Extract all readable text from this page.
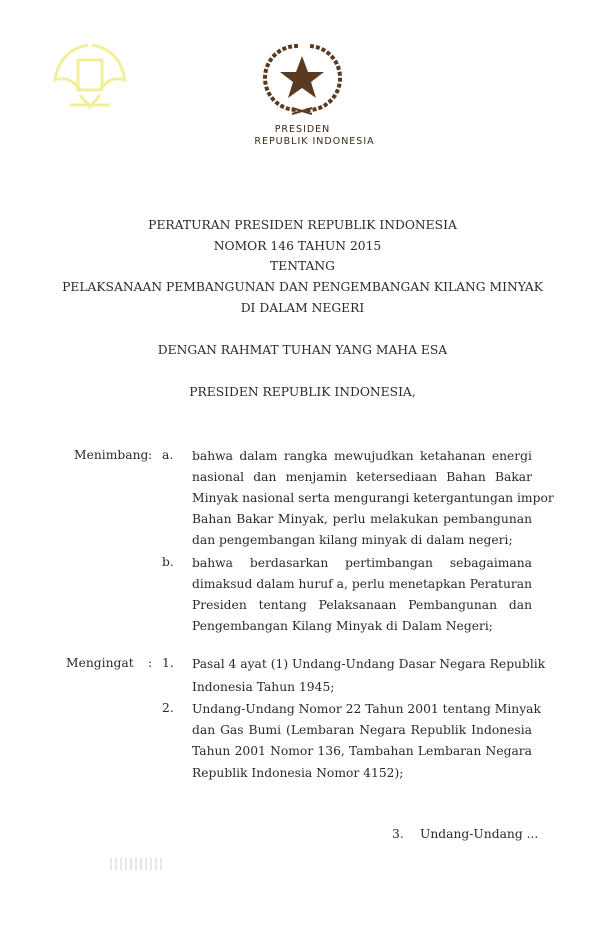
PRESIDEN
REPUBLIK INDONESIA
PERATURAN PRESIDEN REPUBLIK INDONESIA
NOMOR 146 TAHUN 2015
TENTANG
PELAKSANAAN PEMBANGUNAN DAN PENGEMBANGAN KILANG MINYAK
DI DALAM NEGERI
DENGAN RAHMAT TUHAN YANG MAHA ESA
PRESIDEN REPUBLIK INDONESIA,
Menimbang : a. bahwa dalam rangka mewujudkan ketahanan energi
nasional dan menjamin ketersediaan Bahan Bakar
Minyak nasional serta mengurangi ketergantungan impor
Bahan Bakar Minyak, perlu melakukan pembangunan
dan pengembangan kilang minyak di dalam negeri;
b. bahwa berdasarkan pertimbangan sebagaimana
dimaksud dalam huruf a, perlu menetapkan Peraturan
Presiden tentang Pelaksanaan Pembangunan dan
Pengembangan Kilang Minyak di Dalam Negeri;
Mengingat : 1. Pasal 4 ayat (1) Undang-Undang Dasar Negara Republik
Indonesia Tahun 1945;
2. Undang-Undang Nomor 22 Tahun 2001 tentang Minyak
dan Gas Bumi (Lembaran Negara Republik Indonesia
Tahun 2001 Nomor 136, Tambahan Lembaran Negara
Republik Indonesia Nomor 4152);
3. Undang-Undang ...
